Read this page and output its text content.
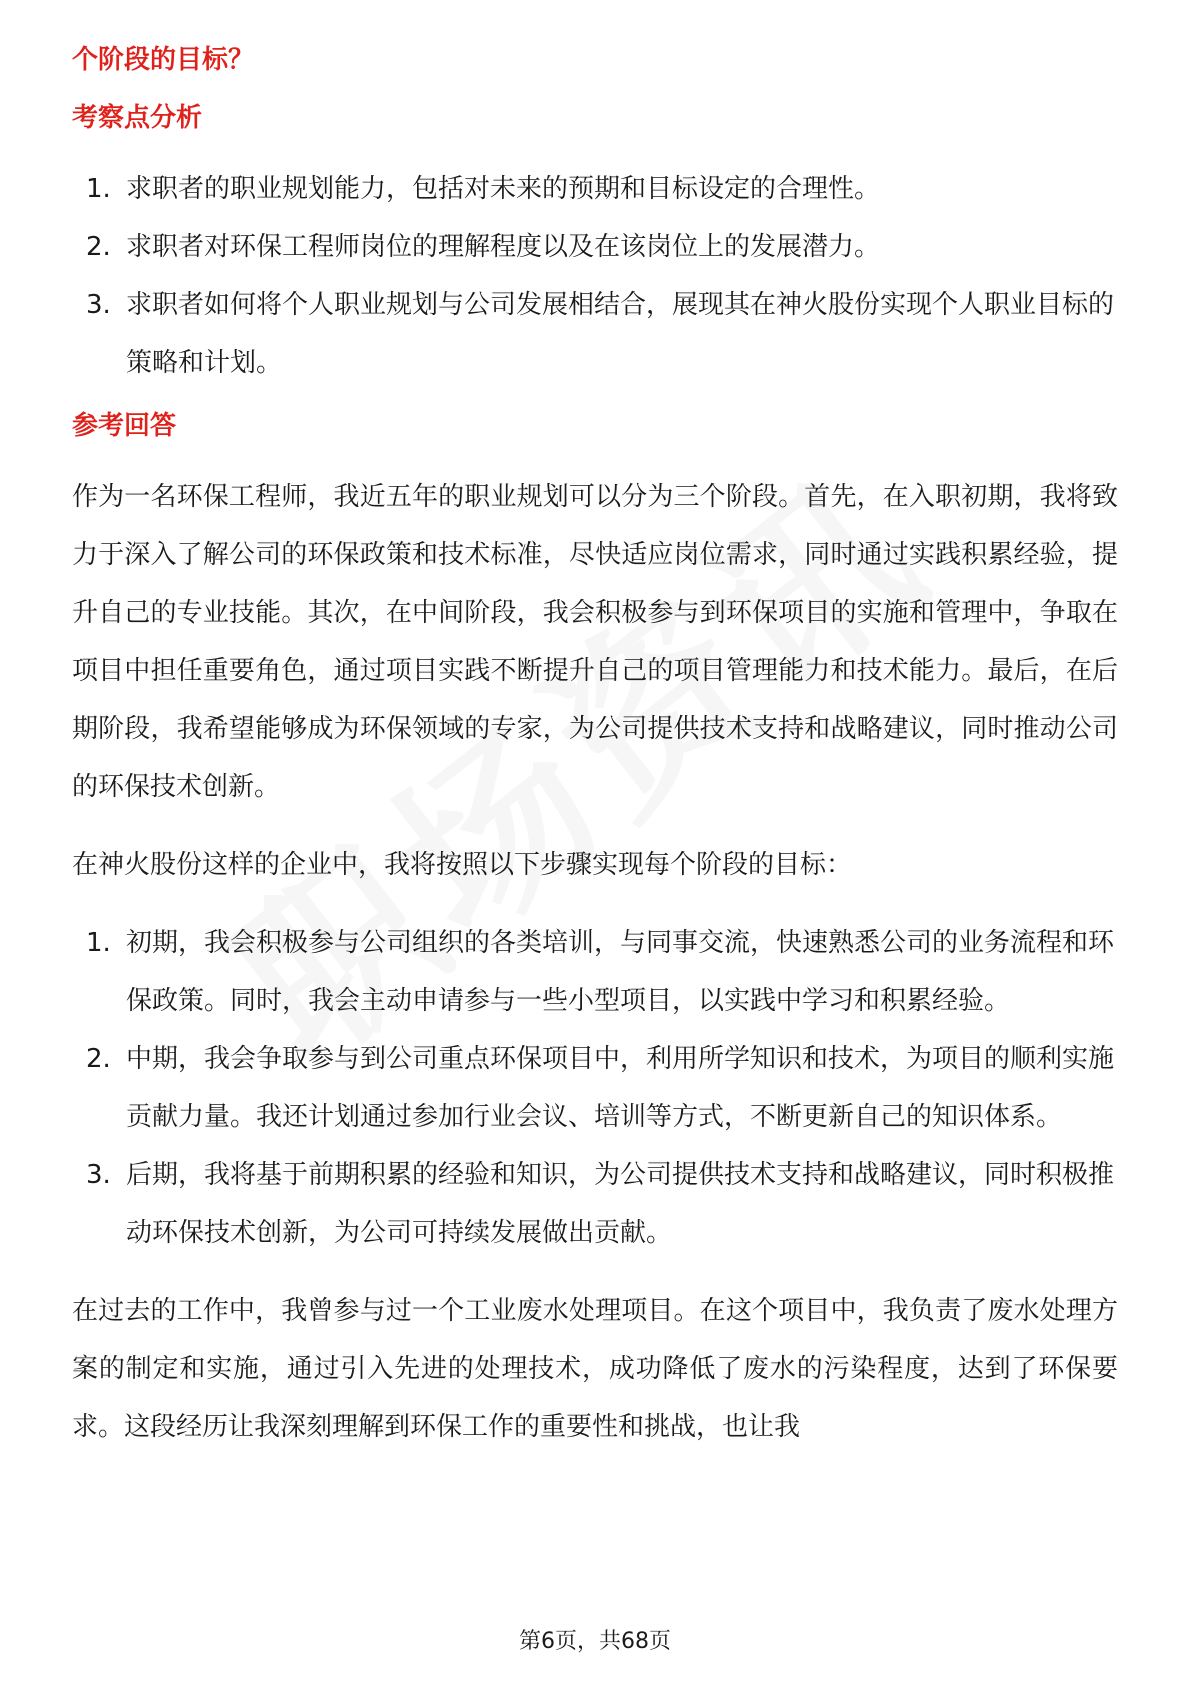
个阶段的目标？
考察点分析
1. 求职者的职业规划能力，包括对未来的预期和目标设定的合理性。
2. 求职者对环保工程师岗位的理解程度以及在该岗位上的发展潜力。
3. 求职者如何将个人职业规划与公司发展相结合，展现其在神火股份实现个人职业目标的策略和计划。
参考回答

作为一名环保工程师，我近五年的职业规划可以分为三个阶段。首先，在入职初期，我将致力于深入了解公司的环保政策和技术标准，尽快适应岗位需求，同时通过实践积累经验，提升自己的专业技能。其次，在中间阶段，我会积极参与到环保项目的实施和管理中，争取在项目中担任重要角色，通过项目实践不断提升自己的项目管理能力和技术能力。最后，在后期阶段，我希望能够成为环保领域的专家，为公司提供技术支持和战略建议，同时推动公司的环保技术创新。

在神火股份这样的企业中，我将按照以下步骤实现每个阶段的目标：

1. 初期，我会积极参与公司组织的各类培训，与同事交流，快速熟悉公司的业务流程和环保政策。同时，我会主动申请参与一些小型项目，以实践中学习和积累经验。
2. 中期，我会争取参与到公司重点环保项目中，利用所学知识和技术，为项目的顺利实施贡献力量。我还计划通过参加行业会议、培训等方式，不断更新自己的知识体系。
3. 后期，我将基于前期积累的经验和知识，为公司提供技术支持和战略建议，同时积极推动环保技术创新，为公司可持续发展做出贡献。

在过去的工作中，我曾参与过一个工业废水处理项目。在这个项目中，我负责了废水处理方案的制定和实施，通过引入先进的处理技术，成功降低了废水的污染程度，达到了环保要求。这段经历让我深刻理解到环保工作的重要性和挑战，也让我

第6页，共68页
